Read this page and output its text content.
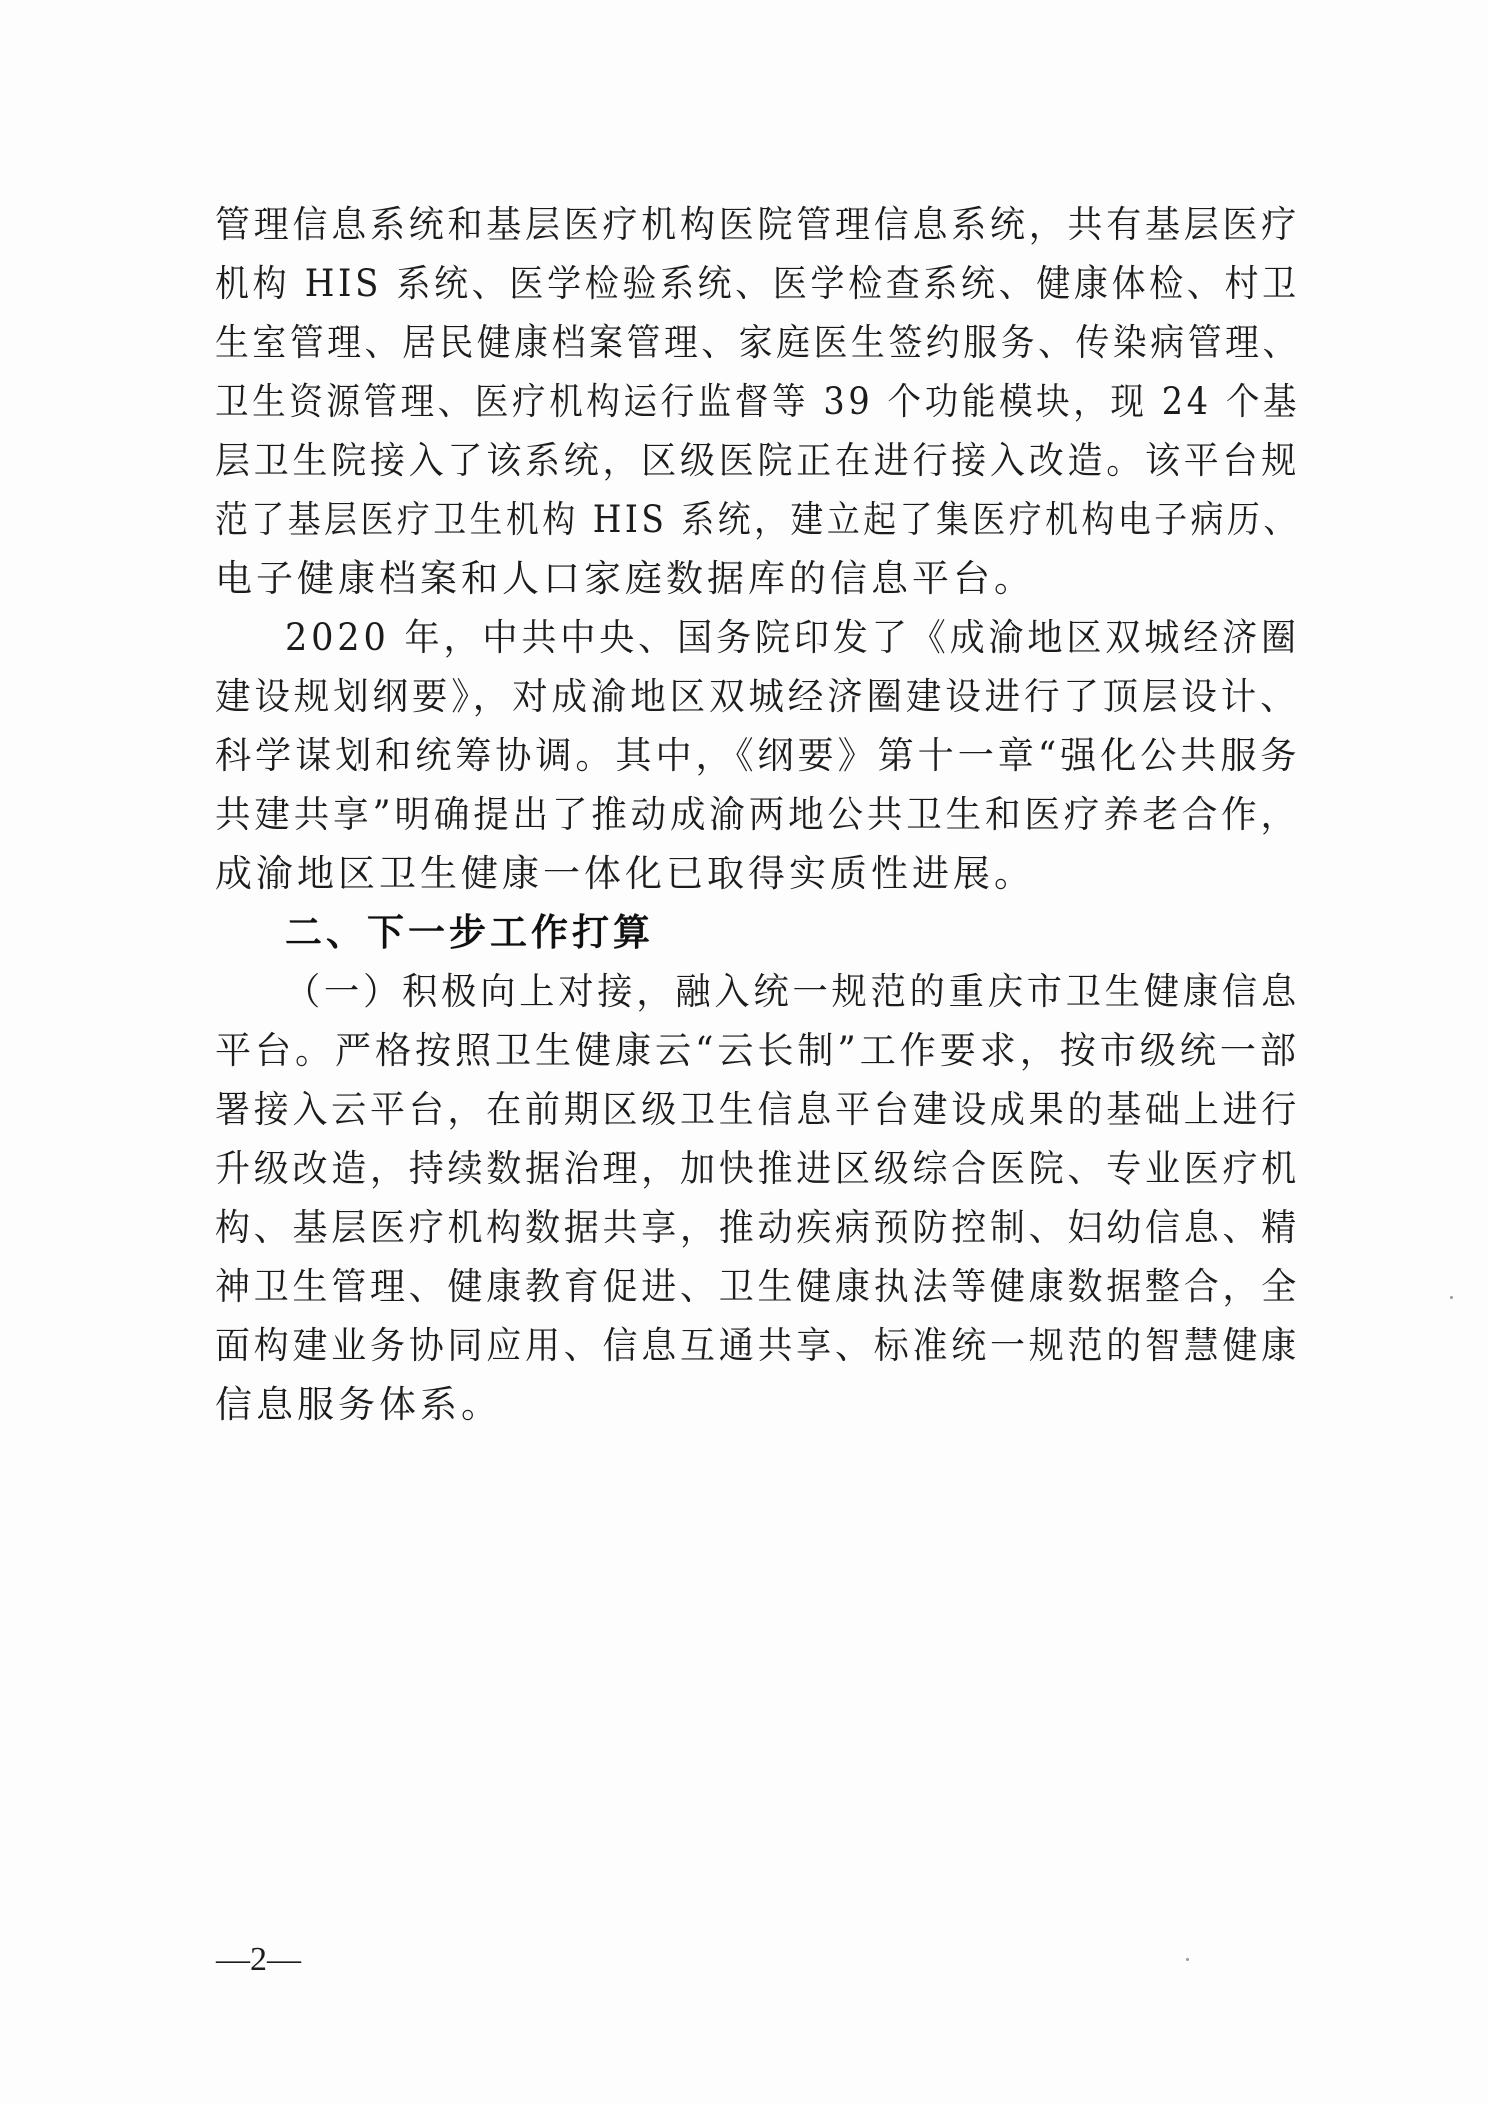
管理信息系统和基层医疗机构医院管理信息系统，共有基层医疗
机构 HIS 系统、医学检验系统、医学检查系统、健康体检、村卫
生室管理、居民健康档案管理、家庭医生签约服务、传染病管理、
卫生资源管理、医疗机构运行监督等 39 个功能模块，现 24 个基
层卫生院接入了该系统，区级医院正在进行接入改造。该平台规
范了基层医疗卫生机构 HIS 系统，建立起了集医疗机构电子病历、
电子健康档案和人口家庭数据库的信息平台。
2020 年，中共中央、国务院印发了《成渝地区双城经济圈
建设规划纲要》，对成渝地区双城经济圈建设进行了顶层设计、
科学谋划和统筹协调。其中，《纲要》第十一章“强化公共服务
共建共享”明确提出了推动成渝两地公共卫生和医疗养老合作，
成渝地区卫生健康一体化已取得实质性进展。
二、下一步工作打算
（一）积极向上对接，融入统一规范的重庆市卫生健康信息
平台。严格按照卫生健康云“云长制”工作要求，按市级统一部
署接入云平台，在前期区级卫生信息平台建设成果的基础上进行
升级改造，持续数据治理，加快推进区级综合医院、专业医疗机
构、基层医疗机构数据共享，推动疾病预防控制、妇幼信息、精
神卫生管理、健康教育促进、卫生健康执法等健康数据整合，全
面构建业务协同应用、信息互通共享、标准统一规范的智慧健康
信息服务体系。
—2—
